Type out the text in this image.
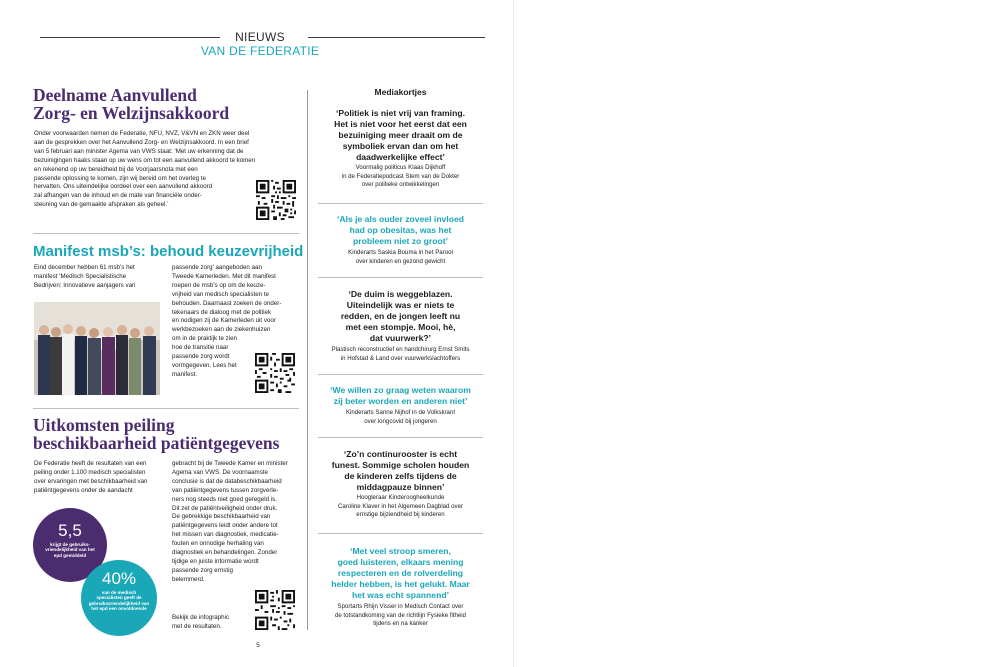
NIEUWS
VAN DE FEDERATIE
Deelname Aanvullend
Zorg- en Welzijnsakkoord
Onder voorwaarden nemen de Federatie, NFU, NVZ, V&VN en ZKN weer deel
aan de gesprekken over het Aanvullend Zorg- en Welzijnsakkoord. In een brief
van 5 februari aan minister Agema van VWS staat: ‘Met uw erkenning dat de
bezuinigingen haaks staan op uw wens om tot een aanvullend akkoord te komen
en rekenend op uw bereidheid bij de Voorjaarsnota met een
passende oplossing te komen, zijn wij bereid om het overleg te
hervatten. Ons uiteindelijke oordeel over een aanvullend akkoord
zal afhangen van de inhoud en de mate van financiële onder-
steuning van de gemaakte afspraken als geheel.’
Manifest msb’s: behoud keuzevrijheid
Eind december hebben 61 msb’s het
manifest ‘Medisch Specialistische
Bedrijven: Innovatieve aanjagers van
passende zorg’ aangeboden aan
Tweede Kamerleden. Met dit manifest
roepen de msb’s op om de keuze-
vrijheid van medisch specialisten te
behouden. Daarnaast zoeken de onder-
tekenaars de dialoog met de politiek
en nodigen zij de Kamerleden uit voor
werkbezoeken aan de ziekenhuizen
om in de praktijk te zien
hoe de transitie naar
passende zorg wordt
vormgegeven. Lees het
manifest.
Uitkomsten peiling
beschikbaarheid patiëntgegevens
De Federatie heeft de resultaten van een
peiling onder 1.100 medisch specialisten
over ervaringen met beschikbaarheid van
patiëntgegevens onder de aandacht
gebracht bij de Tweede Kamer en minister
Agema van VWS. De voornaamste
conclusie is dat de databeschikbaarheid
van patiëntgegevens tussen zorgverle-
ners nog steeds niet goed geregeld is.
Dit zet de patiëntveiligheid onder druk.
De gebrekkige beschikbaarheid van
patiëntgegevens leidt onder andere tot
het missen van diagnostiek, medicatie-
fouten en onnodige herhaling van
diagnostiek en behandelingen. Zonder
tijdige en juiste informatie wordt
passende zorg ernstig
belemmerd.
Bekijk de infographic
met de resultaten.
5,5
krijgt de gebruiks- vriendelijkheid van het epd gemiddeld
40%
van de medisch specialisten geeft de gebruiksvriendelijkheid van het epd een onvoldoende
Mediakortjes
‘Politiek is niet vrij van framing.
Het is niet voor het eerst dat een
bezuiniging meer draait om de
symboliek ervan dan om het
daadwerkelijke effect’
Voormalig politicus Klaas Dijkhoff
in de Federatiepodcast Stem van de Dokter
over politieke ontwikkelingen
‘Als je als ouder zoveel invloed
had op obesitas, was het
probleem niet zo groot’
Kinderarts Saskia Bouma in het Parool
over kinderen en gezond gewicht
‘De duim is weggeblazen.
Uiteindelijk was er niets te
redden, en de jongen leeft nu
met een stompje. Mooi, hè,
dat vuurwerk?’
Plastisch reconstructief en handchirurg Ernst Smits
in Hofstad & Land over vuurwerkslachtoffers
‘We willen zo graag weten waarom
zij beter worden en anderen niet’
Kinderarts Sanne Nijhof in de Volkskrant
over longcovid bij jongeren
‘Zo’n continurooster is echt
funest. Sommige scholen houden
de kinderen zelfs tijdens de
middagpauze binnen’
Hoogleraar Kinderoogheelkunde
Caroline Klaver in het Algemeen Dagblad over
ernstige bijziendheid bij kinderen
‘Met veel stroop smeren,
goed luisteren, elkaars mening
respecteren en de rolverdeling
helder hebben, is het gelukt. Maar
het was echt spannend’
Sportarts Rhijn Visser in Medisch Contact over
de totstandkoming van de richtlijn Fysieke fitheid
tijdens en na kanker
5
